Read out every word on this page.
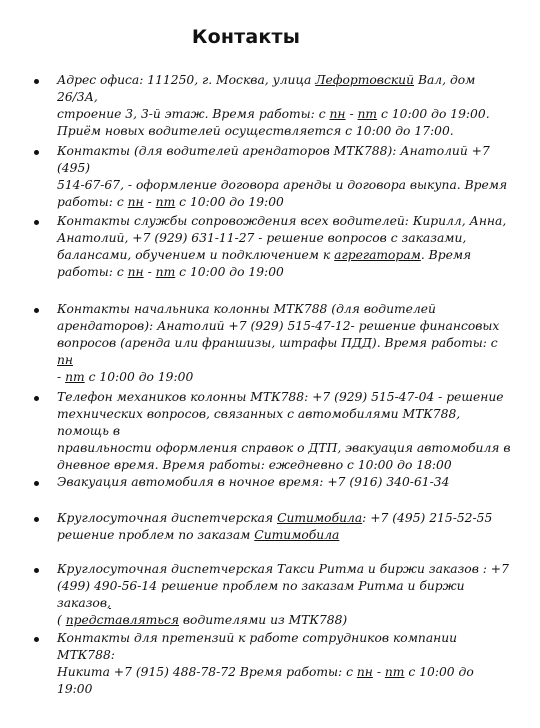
Контакты
Адрес офиса: 111250, г. Москва, улица Лефортовский Вал, дом 26/3А,
строение 3, 3-й этаж. Время работы: с пн - пт с 10:00 до 19:00.
Приём новых водителей осуществляется с 10:00 до 17:00.
Контакты (для водителей арендаторов МТК788): Анатолий +7 (495)
514-67-67, - оформление договора аренды и договора выкупа. Время
работы: с пн - пт с 10:00 до 19:00
Контакты службы сопровождения всех водителей: Кирилл, Анна,
Анатолий, +7 (929) 631-11-27 - решение вопросов с заказами,
балансами, обучением и подключением к агрегаторам. Время
работы: с пн - пт с 10:00 до 19:00
Контакты начальника колонны МТК788 (для водителей
арендаторов): Анатолий +7 (929) 515-47-12- решение финансовых
вопросов (аренда или франшизы, штрафы ПДД). Время работы: с пн
- пт с 10:00 до 19:00
Телефон механиков колонны МТК788: +7 (929) 515-47-04 - решение
технических вопросов, связанных с автомобилями МТК788, помощь в
правильности оформления справок о ДТП, эвакуация автомобиля в
дневное время. Время работы: ежедневно с 10:00 до 18:00
Эвакуация автомобиля в ночное время: +7 (916) 340-61-34
Круглосуточная диспетчерская Ситимобила: +7 (495) 215-52-55
решение проблем по заказам Ситимобила
Круглосуточная диспетчерская Такси Ритма и биржи заказов : +7
(499) 490-56-14 решение проблем по заказам Ритма и биржи заказов,
( представляться водителями из МТК788)
Контакты для претензий к работе сотрудников компании МТК788:
Никита +7 (915) 488-78-72 Время работы: с пн - пт с 10:00 до 19:00
